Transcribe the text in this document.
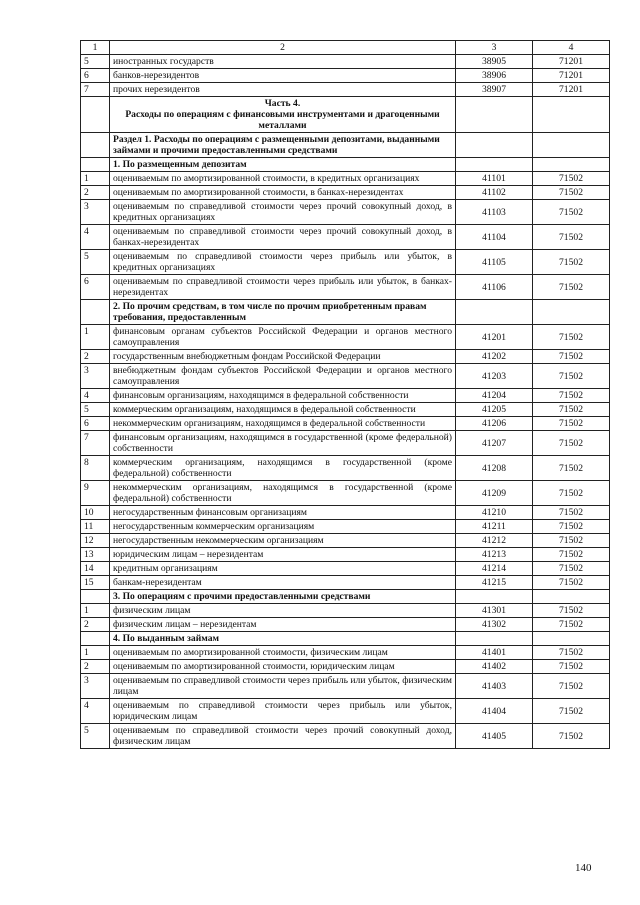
1	2	3	4
5	иностранных государств	38905	71201
6	банков-нерезидентов	38906	71201
7	прочих нерезидентов	38907	71201
	Часть 4.
Расходы по операциям с финансовыми инструментами и драгоценными металлами		
	Раздел 1. Расходы по операциям с размещенными депозитами, выданными займами и прочими предоставленными средствами		
	1. По размещенным депозитам		
1	оцениваемым по амортизированной стоимости, в кредитных организациях	41101	71502
2	оцениваемым по амортизированной стоимости, в банках-нерезидентах	41102	71502
3	оцениваемым по справедливой стоимости через прочий совокупный доход, в кредитных организациях	41103	71502
4	оцениваемым по справедливой стоимости через прочий совокупный доход, в банках-нерезидентах	41104	71502
5	оцениваемым по справедливой стоимости через прибыль или убыток, в кредитных организациях	41105	71502
6	оцениваемым по справедливой стоимости через прибыль или убыток, в банках-нерезидентах	41106	71502
	2. По прочим средствам, в том числе по прочим приобретенным правам требования, предоставленным		
1	финансовым органам субъектов Российской Федерации и органов местного самоуправления	41201	71502
2	государственным внебюджетным фондам Российской Федерации	41202	71502
3	внебюджетным фондам субъектов Российской Федерации и органов местного самоуправления	41203	71502
4	финансовым организациям, находящимся в федеральной собственности	41204	71502
5	коммерческим организациям, находящимся в федеральной собственности	41205	71502
6	некоммерческим организациям, находящимся в федеральной собственности	41206	71502
7	финансовым организациям, находящимся в государственной (кроме федеральной) собственности	41207	71502
8	коммерческим организациям, находящимся в государственной (кроме федеральной) собственности	41208	71502
9	некоммерческим организациям, находящимся в государственной (кроме федеральной) собственности	41209	71502
10	негосударственным финансовым организациям	41210	71502
11	негосударственным коммерческим организациям	41211	71502
12	негосударственным некоммерческим организациям	41212	71502
13	юридическим лицам – нерезидентам	41213	71502
14	кредитным организациям	41214	71502
15	банкам-нерезидентам	41215	71502
	3. По операциям с прочими предоставленными средствами		
1	физическим лицам	41301	71502
2	физическим лицам – нерезидентам	41302	71502
	4. По выданным займам		
1	оцениваемым по амортизированной стоимости, физическим лицам	41401	71502
2	оцениваемым по амортизированной стоимости, юридическим лицам	41402	71502
3	оцениваемым по справедливой стоимости через прибыль или убыток, физическим лицам	41403	71502
4	оцениваемым по справедливой стоимости через прибыль или убыток, юридическим лицам	41404	71502
5	оцениваемым по справедливой стоимости через прочий совокупный доход, физическим лицам	41405	71502
140
